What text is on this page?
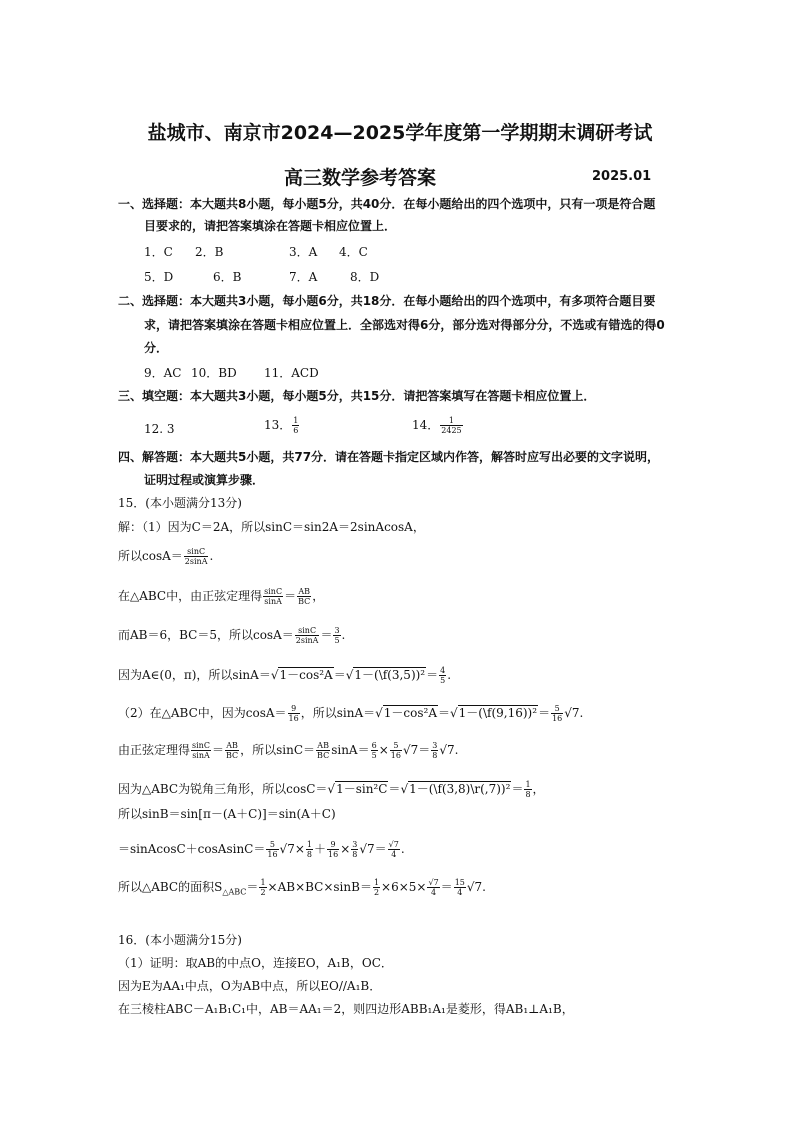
盐城市、南京市2024—2025学年度第一学期期末调研考试
高三数学参考答案	2025.01
一、选择题：本大题共8小题，每小题5分，共40分．在每小题给出的四个选项中，只有一项是符合题
目要求的，请把答案填涂在答题卡相应位置上．
1．C 2．B	3．A 4．C
5．D	6．B	7．A	8．D
二、选择题：本大题共3小题，每小题6分，共18分．在每小题给出的四个选项中，有多项符合题目要
求，请把答案填涂在答题卡相应位置上．全部选对得6分，部分选对得部分分，不选或有错选的得0
分．
9．AC 10．BD 11．ACD
三、填空题：本大题共3小题，每小题5分，共15分．请把答案填写在答题卡相应位置上．
12. 3	13． $\frac{1}{6}$	14． $\frac{1}{2425}$
四、解答题：本大题共5小题，共77分．请在答题卡指定区域内作答，解答时应写出必要的文字说明，
证明过程或演算步骤．
15．(本小题满分13分)
解：（1）因为C＝2A，所以sinC＝sin2A＝2sinAcosA，
所以$\cos A= \frac{\sin C}{2\sin A}$ .
在△ABC中，由正弦定理得 $\frac{\sin C}{\sin A} = \frac{AB}{BC}$ ，
而AB＝6，BC＝5，所以$\cos A= \frac{\sin C}{2\sin A} = \frac{3}{5}$ .
因为A∈(0，π)，所以sinA＝√1－cos²A＝√1－(\f(3,5))²＝ $\frac{4}{5}$ .
（2）在△ABC中，因为$\cos A= \frac{9}{16}$ ，所以sinA＝√1－cos²A＝√1－(\f(9,16))²＝ $\frac{5}{16} √7$.
由正弦定理得 $\frac{\sin C}{\sin A} = \frac{AB}{BC}$ ，所以$\sin C= \frac{AB}{BC} \sin A= \frac{6}{5} \times \frac{5}{16} √7= \frac{3}{8} √7$.
因为△ABC为锐角三角形，所以cosC＝√1－sin²C＝√1－(\f(3,8)\r(,7))²＝ $\frac{1}{8}$ ，
所以sinB＝sin[π－(A＋C)]＝sin(A＋C)
＝sinAcosC＋cosAsinC＝ $\frac{5}{16} √7\times \frac{1}{8} + \frac{9}{16} \times \frac{3}{8} √7= \frac{√7}{4}$ .
所以△ABC的面积$S_{\triangle ABC}= \frac{1}{2} \times AB\times BC\times\sin B= \frac{1}{2} \times 6\times 5\times \frac{√7}{4} = \frac{15}{4} √7$.
16．(本小题满分15分)
（1）证明：取AB的中点O，连接EO，A₁B，OC．
因为E为AA₁中点，O为AB中点，所以EO//A₁B．
在三棱柱ABC－A₁B₁C₁中，AB＝AA₁＝2，则四边形ABB₁A₁是菱形，得AB₁⊥A₁B，
